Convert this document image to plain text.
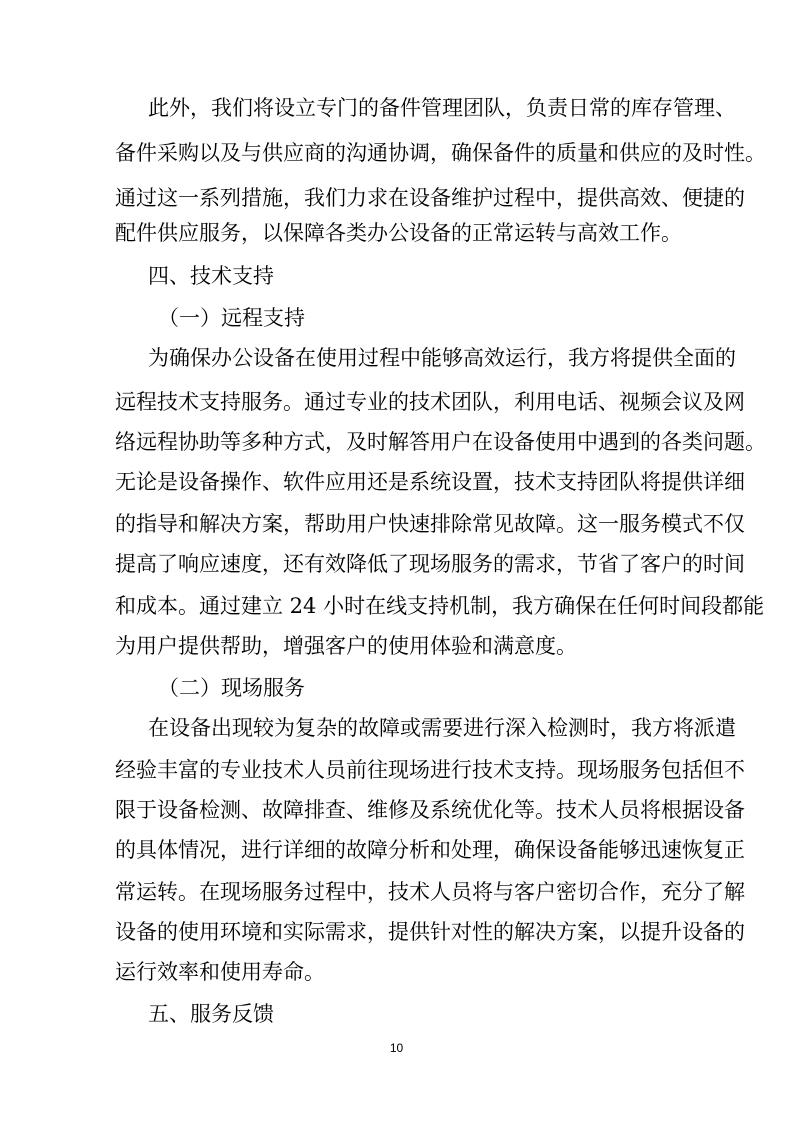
此外，我们将设立专门的备件管理团队，负责日常的库存管理、
备件采购以及与供应商的沟通协调，确保备件的质量和供应的及时性。
通过这一系列措施，我们力求在设备维护过程中，提供高效、便捷的
配件供应服务，以保障各类办公设备的正常运转与高效工作。
四、技术支持
（一）远程支持
为确保办公设备在使用过程中能够高效运行，我方将提供全面的
远程技术支持服务。通过专业的技术团队，利用电话、视频会议及网
络远程协助等多种方式，及时解答用户在设备使用中遇到的各类问题。
无论是设备操作、软件应用还是系统设置，技术支持团队将提供详细
的指导和解决方案，帮助用户快速排除常见故障。这一服务模式不仅
提高了响应速度，还有效降低了现场服务的需求，节省了客户的时间
和成本。通过建立 24 小时在线支持机制，我方确保在任何时间段都能
为用户提供帮助，增强客户的使用体验和满意度。
（二）现场服务
在设备出现较为复杂的故障或需要进行深入检测时，我方将派遣
经验丰富的专业技术人员前往现场进行技术支持。现场服务包括但不
限于设备检测、故障排查、维修及系统优化等。技术人员将根据设备
的具体情况，进行详细的故障分析和处理，确保设备能够迅速恢复正
常运转。在现场服务过程中，技术人员将与客户密切合作，充分了解
设备的使用环境和实际需求，提供针对性的解决方案，以提升设备的
运行效率和使用寿命。
五、服务反馈
10
